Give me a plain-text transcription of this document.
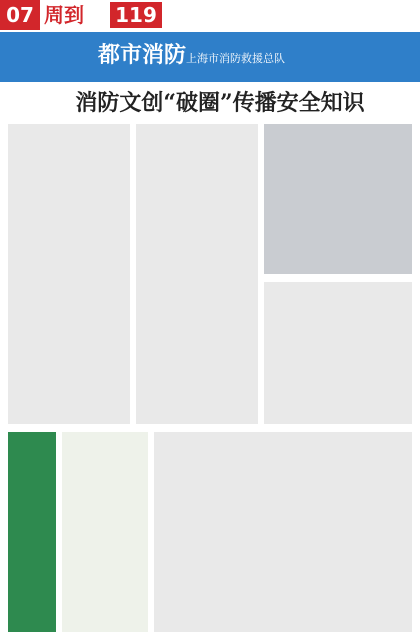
07 周到 119
都市消防 上海市消防救援总队
消防文创“破圈”传播安全知识
